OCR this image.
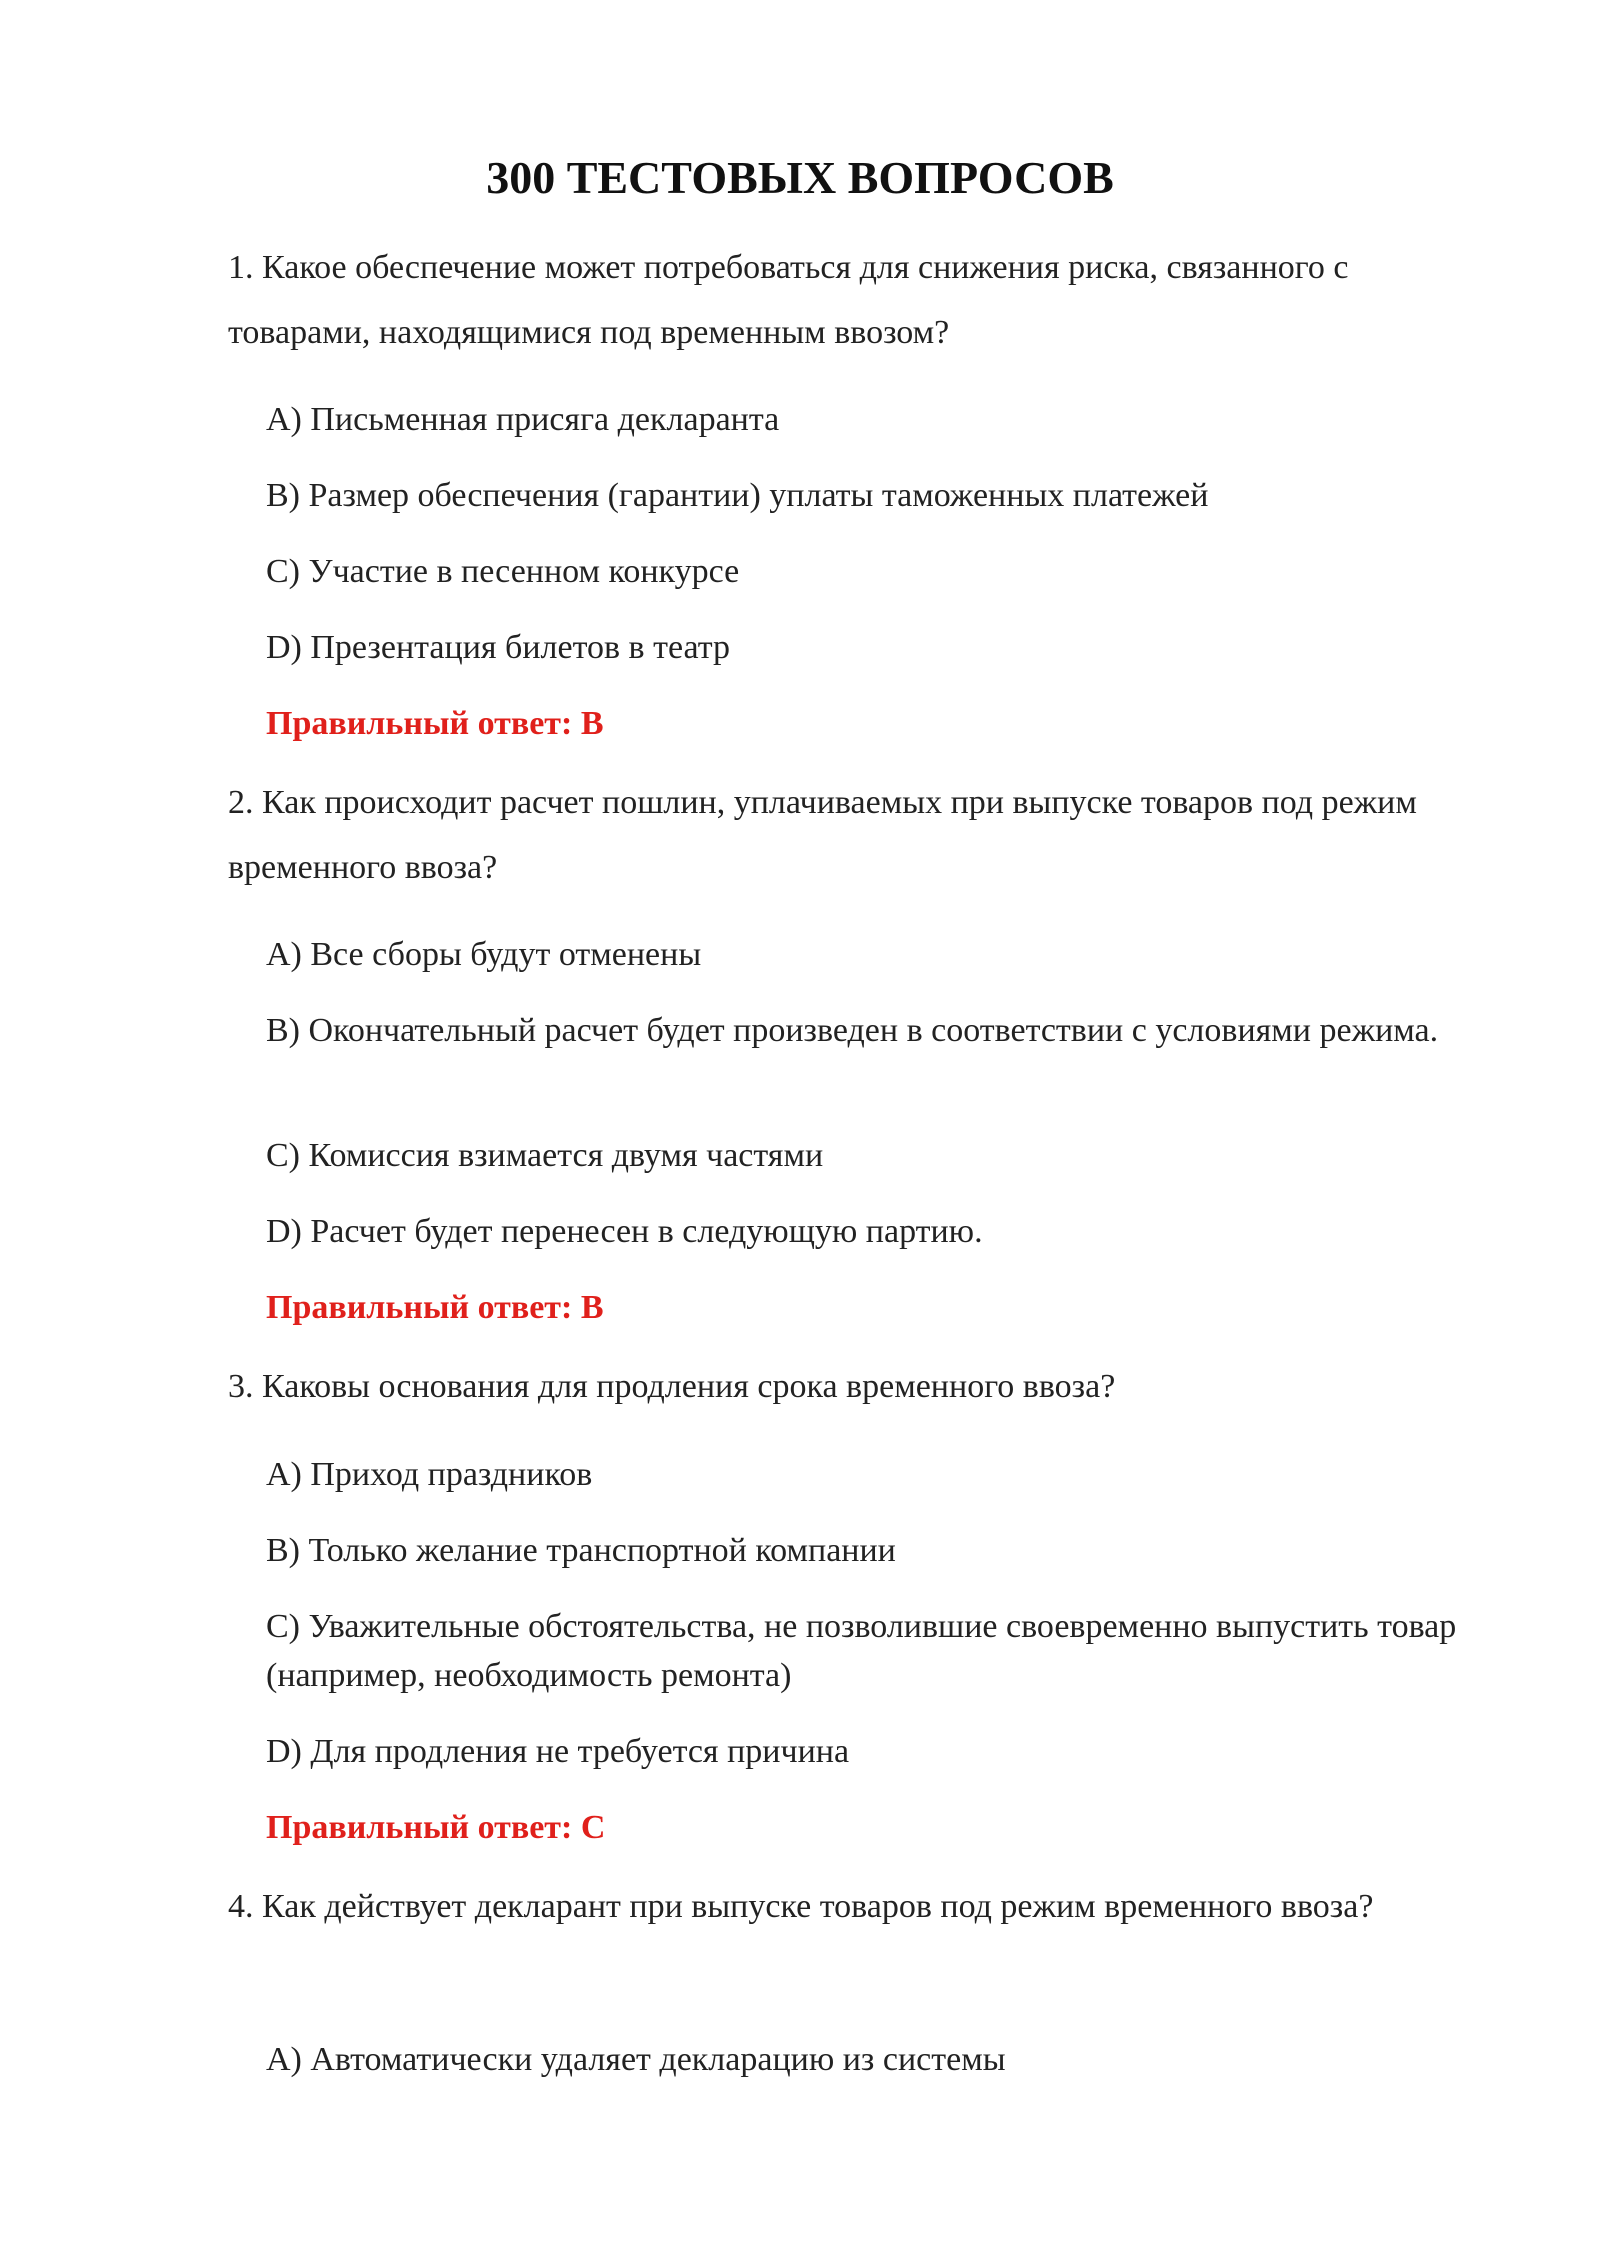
300 ТЕСТОВЫХ ВОПРОСОВ

1. Какое обеспечение может потребоваться для снижения риска, связанного с товарами, находящимися под временным ввозом?

A) Письменная присяга декларанта

B) Размер обеспечения (гарантии) уплаты таможенных платежей

C) Участие в песенном конкурсе

D) Презентация билетов в театр

Правильный ответ: B

2. Как происходит расчет пошлин, уплачиваемых при выпуске товаров под режим временного ввоза?

A) Все сборы будут отменены

B) Окончательный расчет будет произведен в соответствии с условиями режима.

C) Комиссия взимается двумя частями

D) Расчет будет перенесен в следующую партию.

Правильный ответ: B

3. Каковы основания для продления срока временного ввоза?

A) Приход праздников

B) Только желание транспортной компании

C) Уважительные обстоятельства, не позволившие своевременно выпустить товар (например, необходимость ремонта)

D) Для продления не требуется причина

Правильный ответ: C

4. Как действует декларант при выпуске товаров под режим временного ввоза?

A) Автоматически удаляет декларацию из системы
